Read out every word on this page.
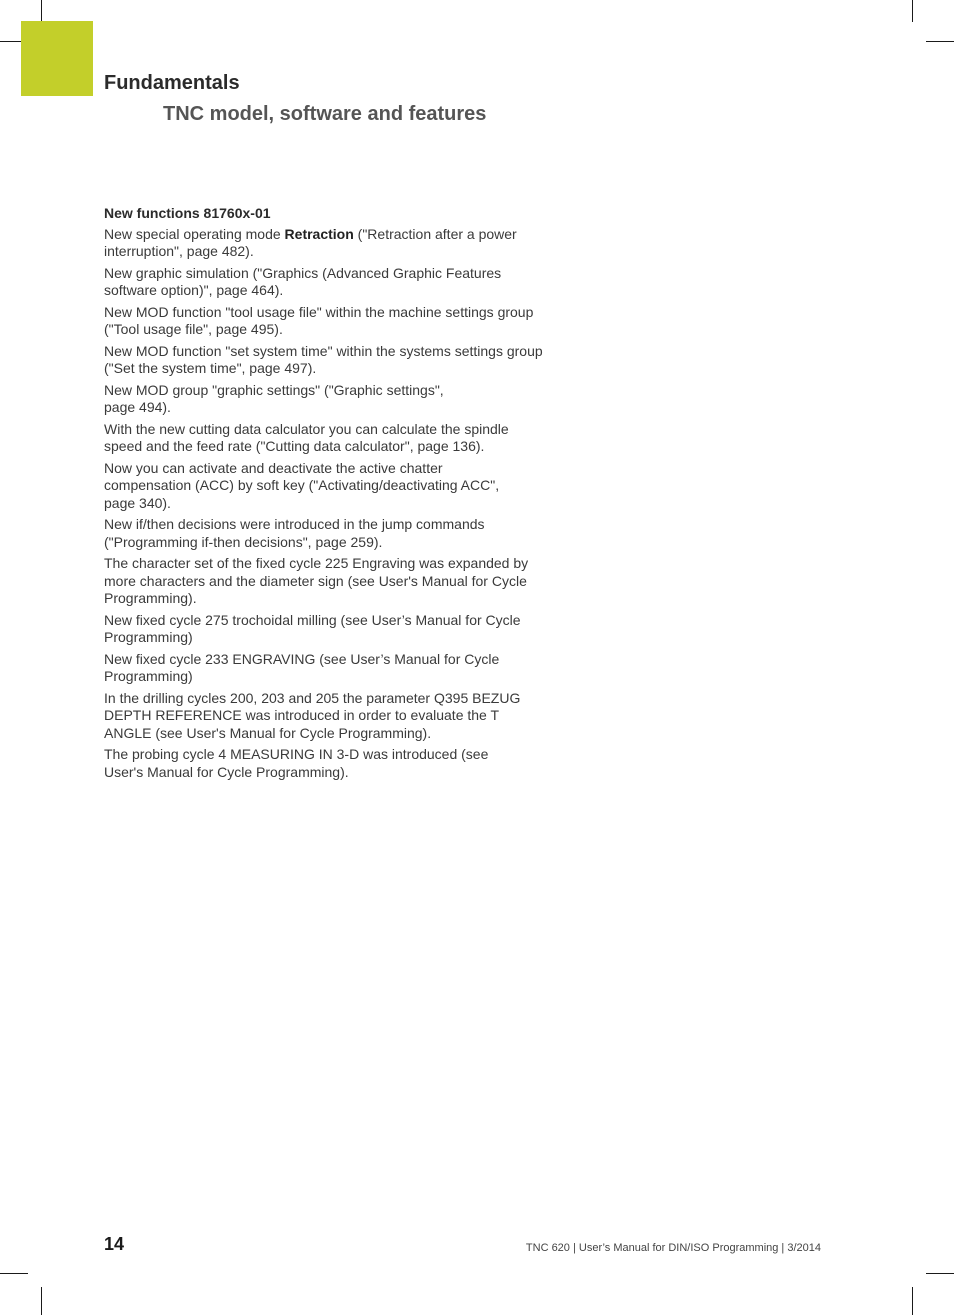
Fundamentals
TNC model, software and features
New functions 81760x-01

New special operating mode Retraction ("Retraction after a power interruption", page 482).

New graphic simulation ("Graphics (Advanced Graphic Features software option)", page 464).

New MOD function "tool usage file" within the machine settings group ("Tool usage file", page 495).

New MOD function "set system time" within the systems settings group ("Set the system time", page 497).

New MOD group "graphic settings" ("Graphic settings", page 494).

With the new cutting data calculator you can calculate the spindle speed and the feed rate ("Cutting data calculator", page 136).

Now you can activate and deactivate the active chatter compensation (ACC) by soft key ("Activating/deactivating ACC", page 340).

New if/then decisions were introduced in the jump commands ("Programming if-then decisions", page 259).

The character set of the fixed cycle 225 Engraving was expanded by more characters and the diameter sign (see User's Manual for Cycle Programming).

New fixed cycle 275 trochoidal milling (see User’s Manual for Cycle Programming)

New fixed cycle 233 ENGRAVING (see User’s Manual for Cycle Programming)

In the drilling cycles 200, 203 and 205 the parameter Q395 BEZUG DEPTH REFERENCE was introduced in order to evaluate the T ANGLE (see User's Manual for Cycle Programming).

The probing cycle 4 MEASURING IN 3-D was introduced (see User's Manual for Cycle Programming).

14	TNC 620 | User’s Manual for DIN/ISO Programming | 3/2014
